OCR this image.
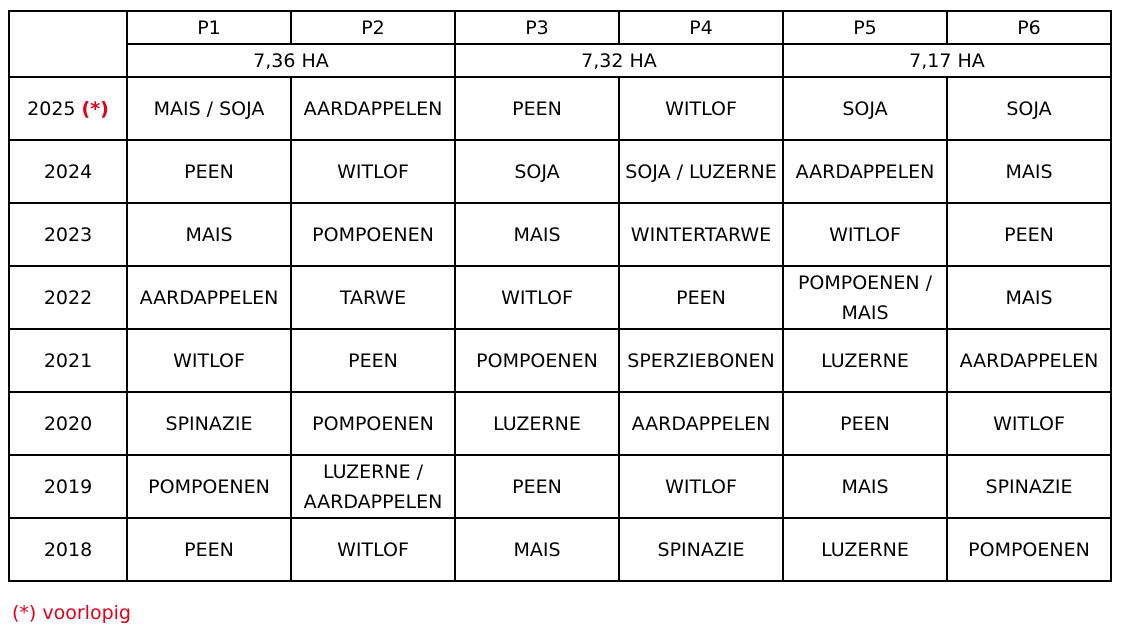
	P1	P2	P3	P4	P5	P6
	7,36 HA		7,32 HA		7,17 HA	
2025 (*)	MAIS / SOJA	AARDAPPELEN	PEEN	WITLOF	SOJA	SOJA

2024	PEEN	WITLOF	SOJA	SOJA / LUZERNE	AARDAPPELEN	MAIS

2023	MAIS	POMPOENEN	MAIS	WINTERTARWE	WITLOF	PEEN

2022	AARDAPPELEN	TARWE	WITLOF	PEEN	POMPOENEN /
MAIS	MAIS

2021	WITLOF	PEEN	POMPOENEN	SPERZIEBONEN	LUZERNE	AARDAPPELEN

2020	SPINAZIE	POMPOENEN	LUZERNE	AARDAPPELEN	PEEN	WITLOF

2019	POMPOENEN	LUZERNE /
AARDAPPELEN	PEEN	WITLOF	MAIS	SPINAZIE

2018	PEEN	WITLOF	MAIS	SPINAZIE	LUZERNE	POMPOENEN
(*) voorlopig
